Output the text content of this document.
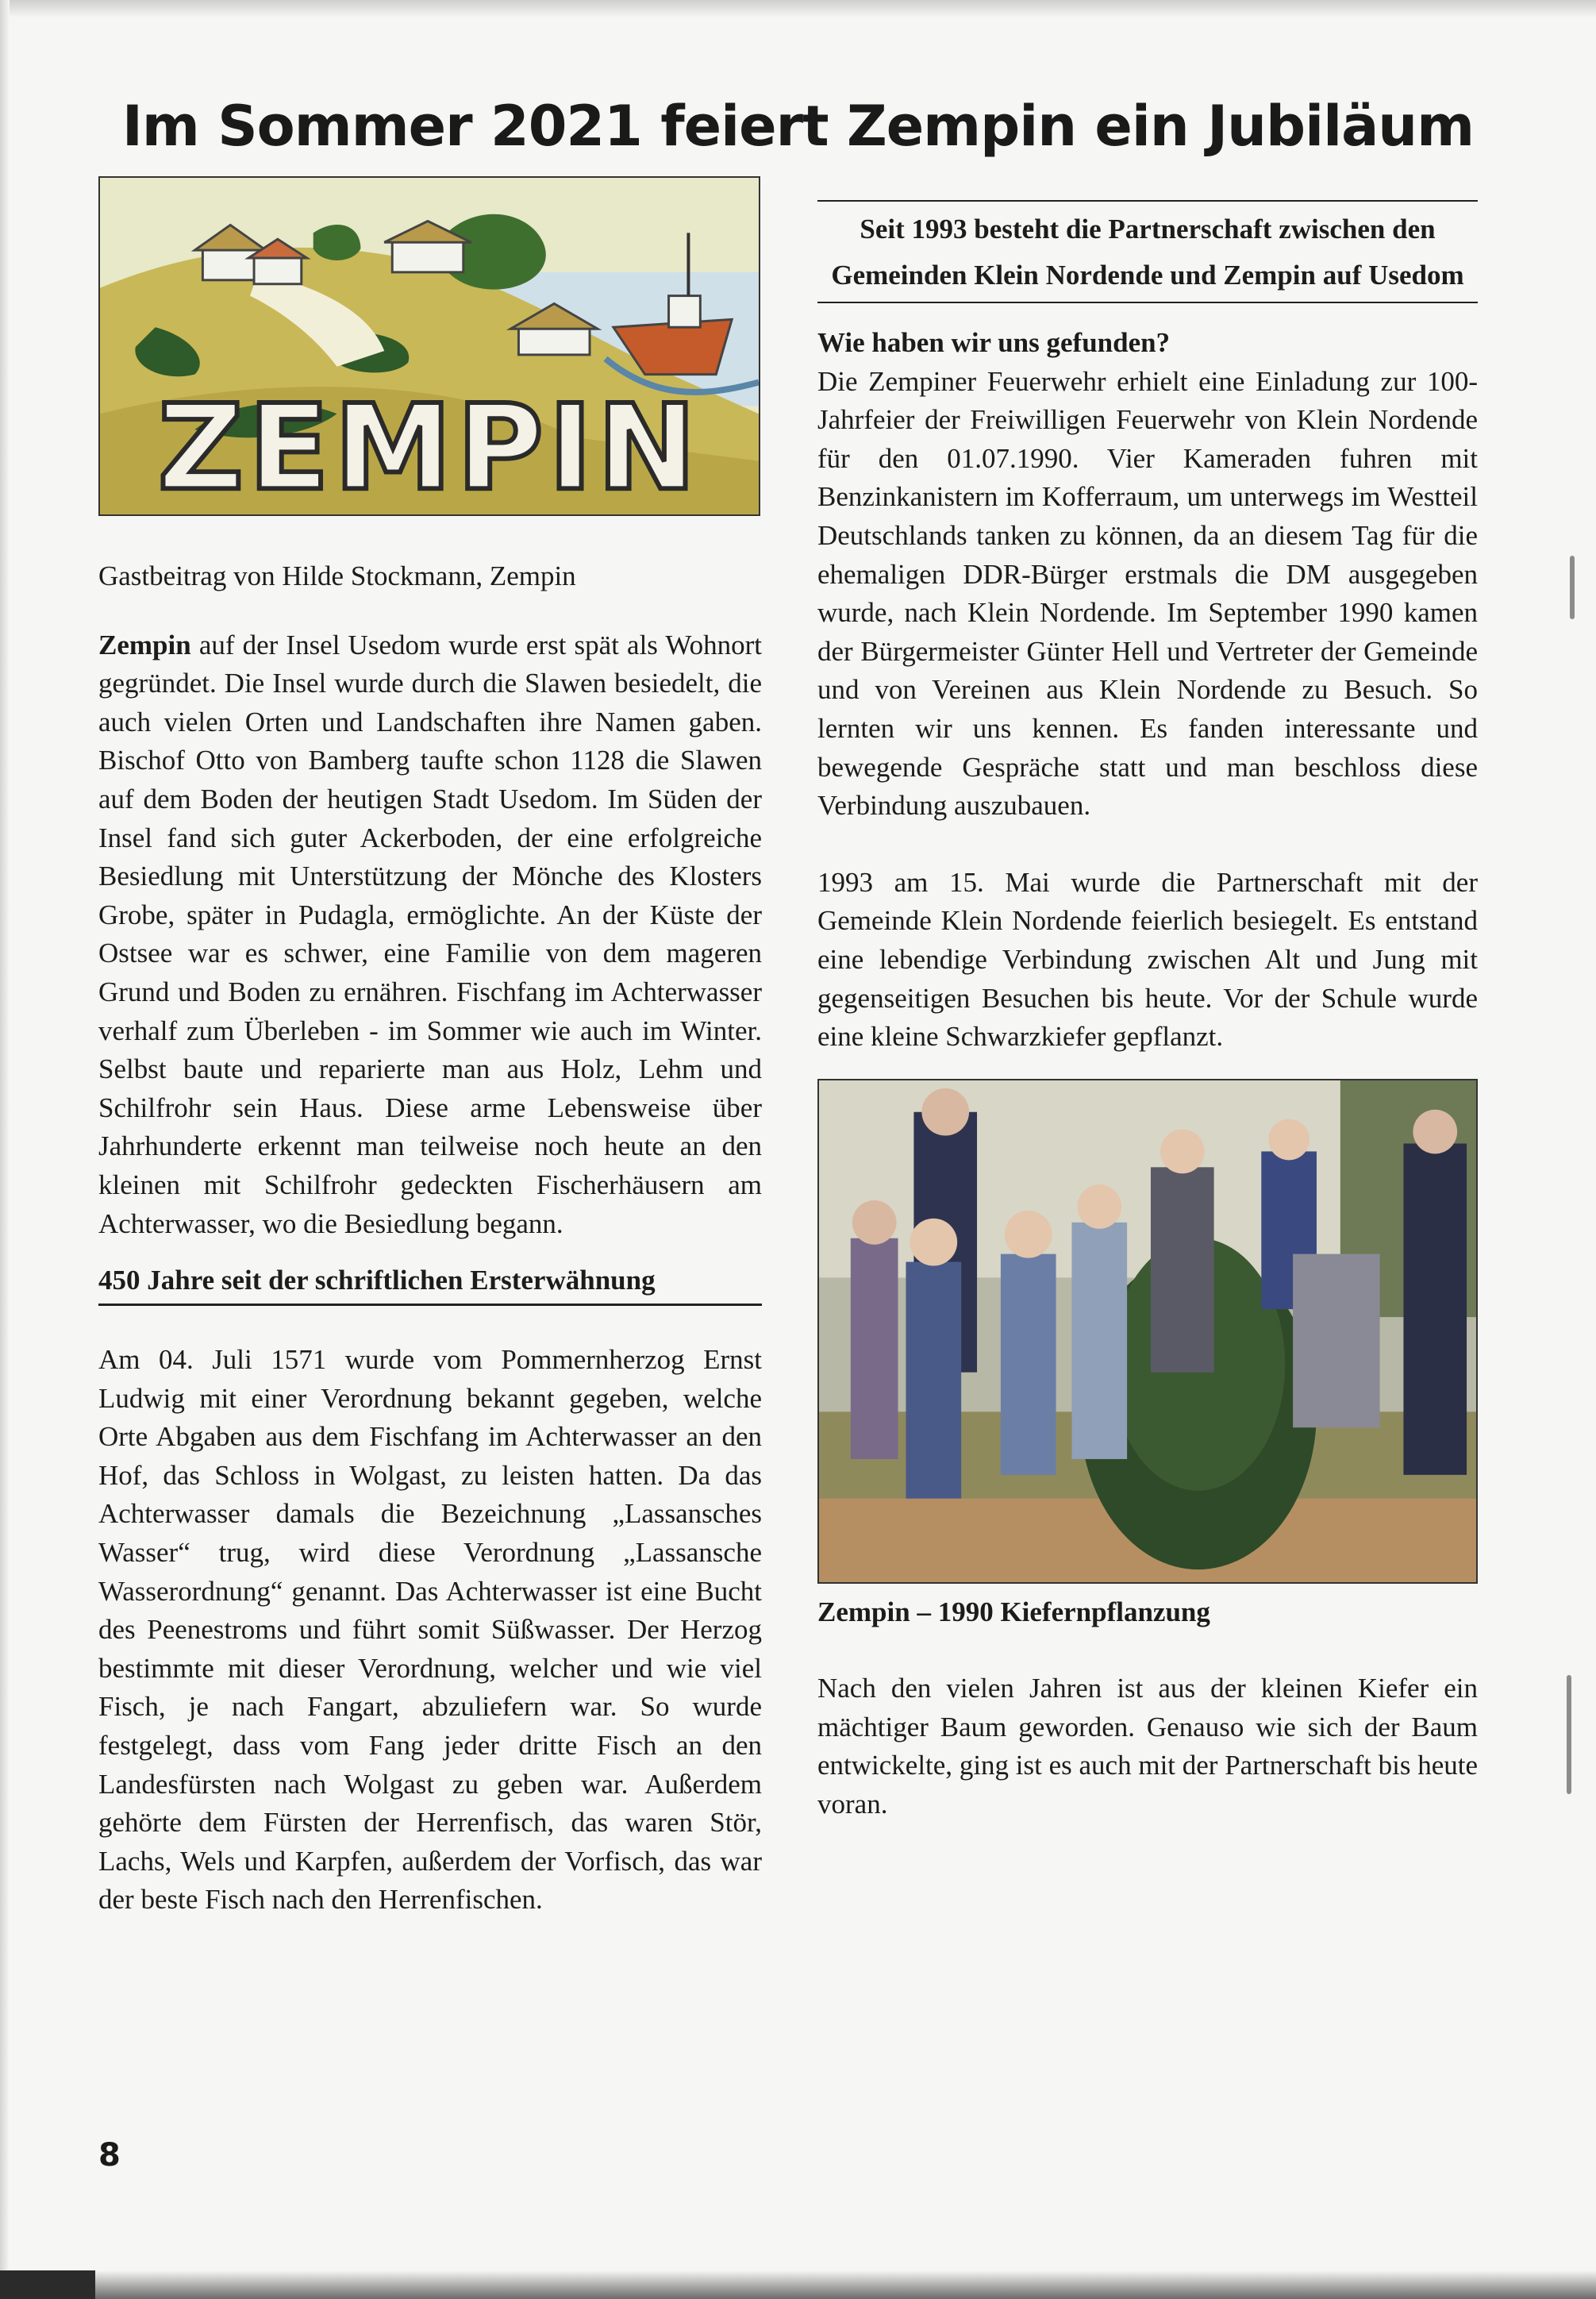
Im Sommer 2021 feiert Zempin ein Jubiläum
ZEMPIN

Gastbeitrag von Hilde Stockmann, Zempin

Zempin auf der Insel Usedom wurde erst spät als Wohnort gegründet. Die Insel wurde durch die Slawen besiedelt, die auch vielen Orten und Landschaften ihre Namen gaben. Bischof Otto von Bamberg taufte schon 1128 die Slawen auf dem Boden der heutigen Stadt Usedom. Im Süden der Insel fand sich guter Ackerboden, der eine erfolgreiche Besiedlung mit Unterstützung der Mönche des Klosters Grobe, später in Pudagla, ermöglichte. An der Küste der Ostsee war es schwer, eine Familie von dem mageren Grund und Boden zu ernähren. Fischfang im Achterwasser verhalf zum Überleben - im Sommer wie auch im Winter. Selbst baute und reparierte man aus Holz, Lehm und Schilfrohr sein Haus. Diese arme Lebensweise über Jahrhunderte erkennt man teilweise noch heute an den kleinen mit Schilfrohr gedeckten Fischerhäusern am Achterwasser, wo die Besiedlung begann.

450 Jahre seit der schriftlichen Ersterwähnung

Am 04. Juli 1571 wurde vom Pommernherzog Ernst Ludwig mit einer Verordnung bekannt gegeben, welche Orte Abgaben aus dem Fischfang im Achterwasser an den Hof, das Schloss in Wolgast, zu leisten hatten. Da das Achterwasser damals die Bezeichnung „Lassansches Wasser“ trug, wird diese Verordnung „Lassansche Wasserordnung“ genannt. Das Achterwasser ist eine Bucht des Peenestroms und führt somit Süßwasser. Der Herzog bestimmte mit dieser Verordnung, welcher und wie viel Fisch, je nach Fangart, abzuliefern war. So wurde festgelegt, dass vom Fang jeder dritte Fisch an den Landesfürsten nach Wolgast zu geben war. Außerdem gehörte dem Fürsten der Herrenfisch, das waren Stör, Lachs, Wels und Karpfen, außerdem der Vorfisch, das war der beste Fisch nach den Herrenfischen.

Seit 1993 besteht die Partnerschaft zwischen den Gemeinden Klein Nordende und Zempin auf Usedom

Wie haben wir uns gefunden?

Die Zempiner Feuerwehr erhielt eine Einladung zur 100-Jahrfeier der Freiwilligen Feuerwehr von Klein Nordende für den 01.07.1990. Vier Kameraden fuhren mit Benzinkanistern im Kofferraum, um unterwegs im Westteil Deutschlands tanken zu können, da an diesem Tag für die ehemaligen DDR-Bürger erstmals die DM ausgegeben wurde, nach Klein Nordende. Im September 1990 kamen der Bürgermeister Günter Hell und Vertreter der Gemeinde und von Vereinen aus Klein Nordende zu Besuch. So lernten wir uns kennen. Es fanden interessante und bewegende Gespräche statt und man beschloss diese Verbindung auszubauen.

1993 am 15. Mai wurde die Partnerschaft mit der Gemeinde Klein Nordende feierlich besiegelt. Es entstand eine lebendige Verbindung zwischen Alt und Jung mit gegenseitigen Besuchen bis heute. Vor der Schule wurde eine kleine Schwarzkiefer gepflanzt.

Zempin – 1990 Kiefernpflanzung

Nach den vielen Jahren ist aus der kleinen Kiefer ein mächtiger Baum geworden. Genauso wie sich der Baum entwickelte, ging ist es auch mit der Partnerschaft bis heute voran.

8
